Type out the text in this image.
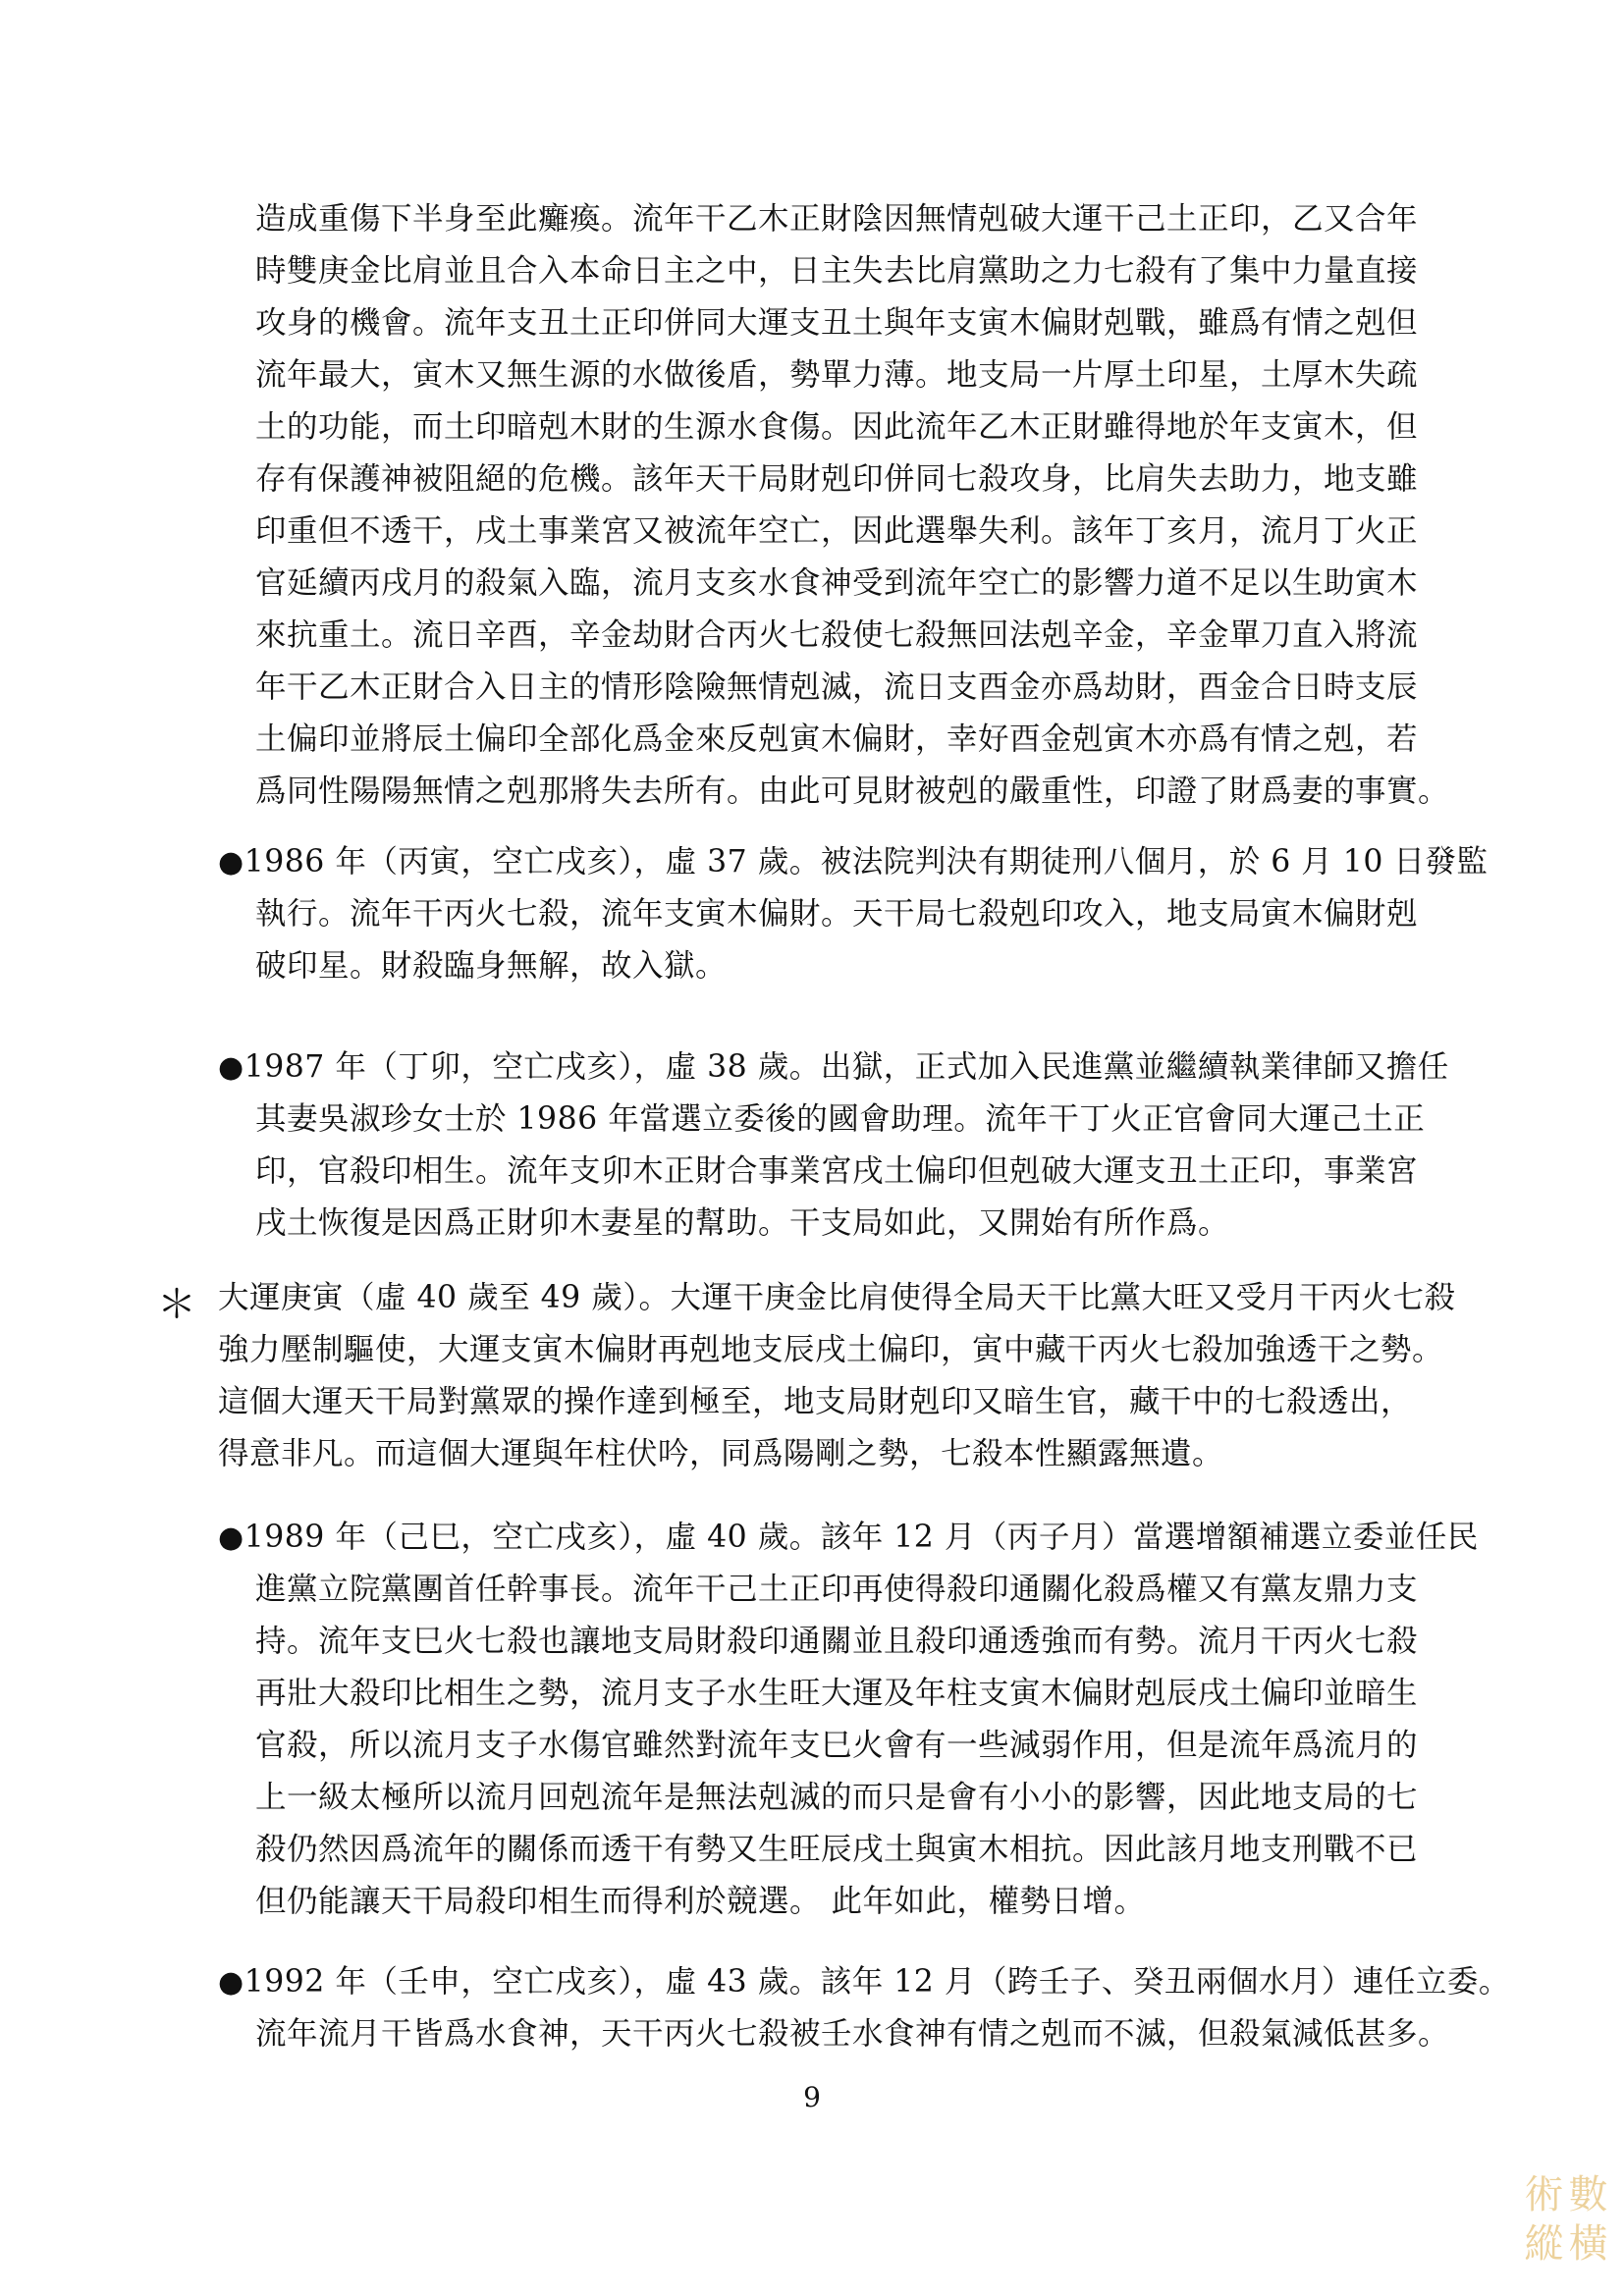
造成重傷下半身至此癱瘓。流年干乙木正財陰因無情剋破大運干己土正印，乙又合年
時雙庚金比肩並且合入本命日主之中，日主失去比肩黨助之力七殺有了集中力量直接
攻身的機會。流年支丑土正印併同大運支丑土與年支寅木偏財剋戰，雖爲有情之剋但
流年最大，寅木又無生源的水做後盾，勢單力薄。地支局一片厚土印星，土厚木失疏
土的功能，而土印暗剋木財的生源水食傷。因此流年乙木正財雖得地於年支寅木，但
存有保護神被阻絕的危機。該年天干局財剋印併同七殺攻身，比肩失去助力，地支雖
印重但不透干，戌土事業宮又被流年空亡，因此選舉失利。該年丁亥月，流月丁火正
官延續丙戌月的殺氣入臨，流月支亥水食神受到流年空亡的影響力道不足以生助寅木
來抗重土。流日辛酉，辛金劫財合丙火七殺使七殺無回法剋辛金，辛金單刀直入將流
年干乙木正財合入日主的情形陰險無情剋滅，流日支酉金亦爲劫財，酉金合日時支辰
土偏印並將辰土偏印全部化爲金來反剋寅木偏財，幸好酉金剋寅木亦爲有情之剋，若
爲同性陽陽無情之剋那將失去所有。由此可見財被剋的嚴重性，印證了財爲妻的事實。
●1986 年（丙寅，空亡戌亥），虛 37 歲。被法院判決有期徒刑八個月，於 6 月 10 日發監
執行。流年干丙火七殺，流年支寅木偏財。天干局七殺剋印攻入，地支局寅木偏財剋
破印星。財殺臨身無解，故入獄。
●1987 年（丁卯，空亡戌亥），虛 38 歲。出獄，正式加入民進黨並繼續執業律師又擔任
其妻吳淑珍女士於 1986 年當選立委後的國會助理。流年干丁火正官會同大運己土正
印，官殺印相生。流年支卯木正財合事業宮戌土偏印但剋破大運支丑土正印，事業宮
戌土恢復是因爲正財卯木妻星的幫助。干支局如此，又開始有所作爲。
＊ 大運庚寅（虛 40 歲至 49 歲）。大運干庚金比肩使得全局天干比黨大旺又受月干丙火七殺
強力壓制驅使，大運支寅木偏財再剋地支辰戌土偏印，寅中藏干丙火七殺加強透干之勢。
這個大運天干局對黨眾的操作達到極至，地支局財剋印又暗生官，藏干中的七殺透出，
得意非凡。而這個大運與年柱伏吟，同爲陽剛之勢，七殺本性顯露無遺。
●1989 年（己巳，空亡戌亥），虛 40 歲。該年 12 月（丙子月）當選增額補選立委並任民
進黨立院黨團首任幹事長。流年干己土正印再使得殺印通關化殺爲權又有黨友鼎力支
持。流年支巳火七殺也讓地支局財殺印通關並且殺印通透強而有勢。流月干丙火七殺
再壯大殺印比相生之勢，流月支子水生旺大運及年柱支寅木偏財剋辰戌土偏印並暗生
官殺，所以流月支子水傷官雖然對流年支巳火會有一些減弱作用，但是流年爲流月的
上一級太極所以流月回剋流年是無法剋滅的而只是會有小小的影響，因此地支局的七
殺仍然因爲流年的關係而透干有勢又生旺辰戌土與寅木相抗。因此該月地支刑戰不已
但仍能讓天干局殺印相生而得利於競選。 此年如此，權勢日增。
●1992 年（壬申，空亡戌亥），虛 43 歲。該年 12 月（跨壬子、癸丑兩個水月）連任立委。
流年流月干皆爲水食神，天干丙火七殺被壬水食神有情之剋而不滅，但殺氣減低甚多。
9
術 數
縱 橫
